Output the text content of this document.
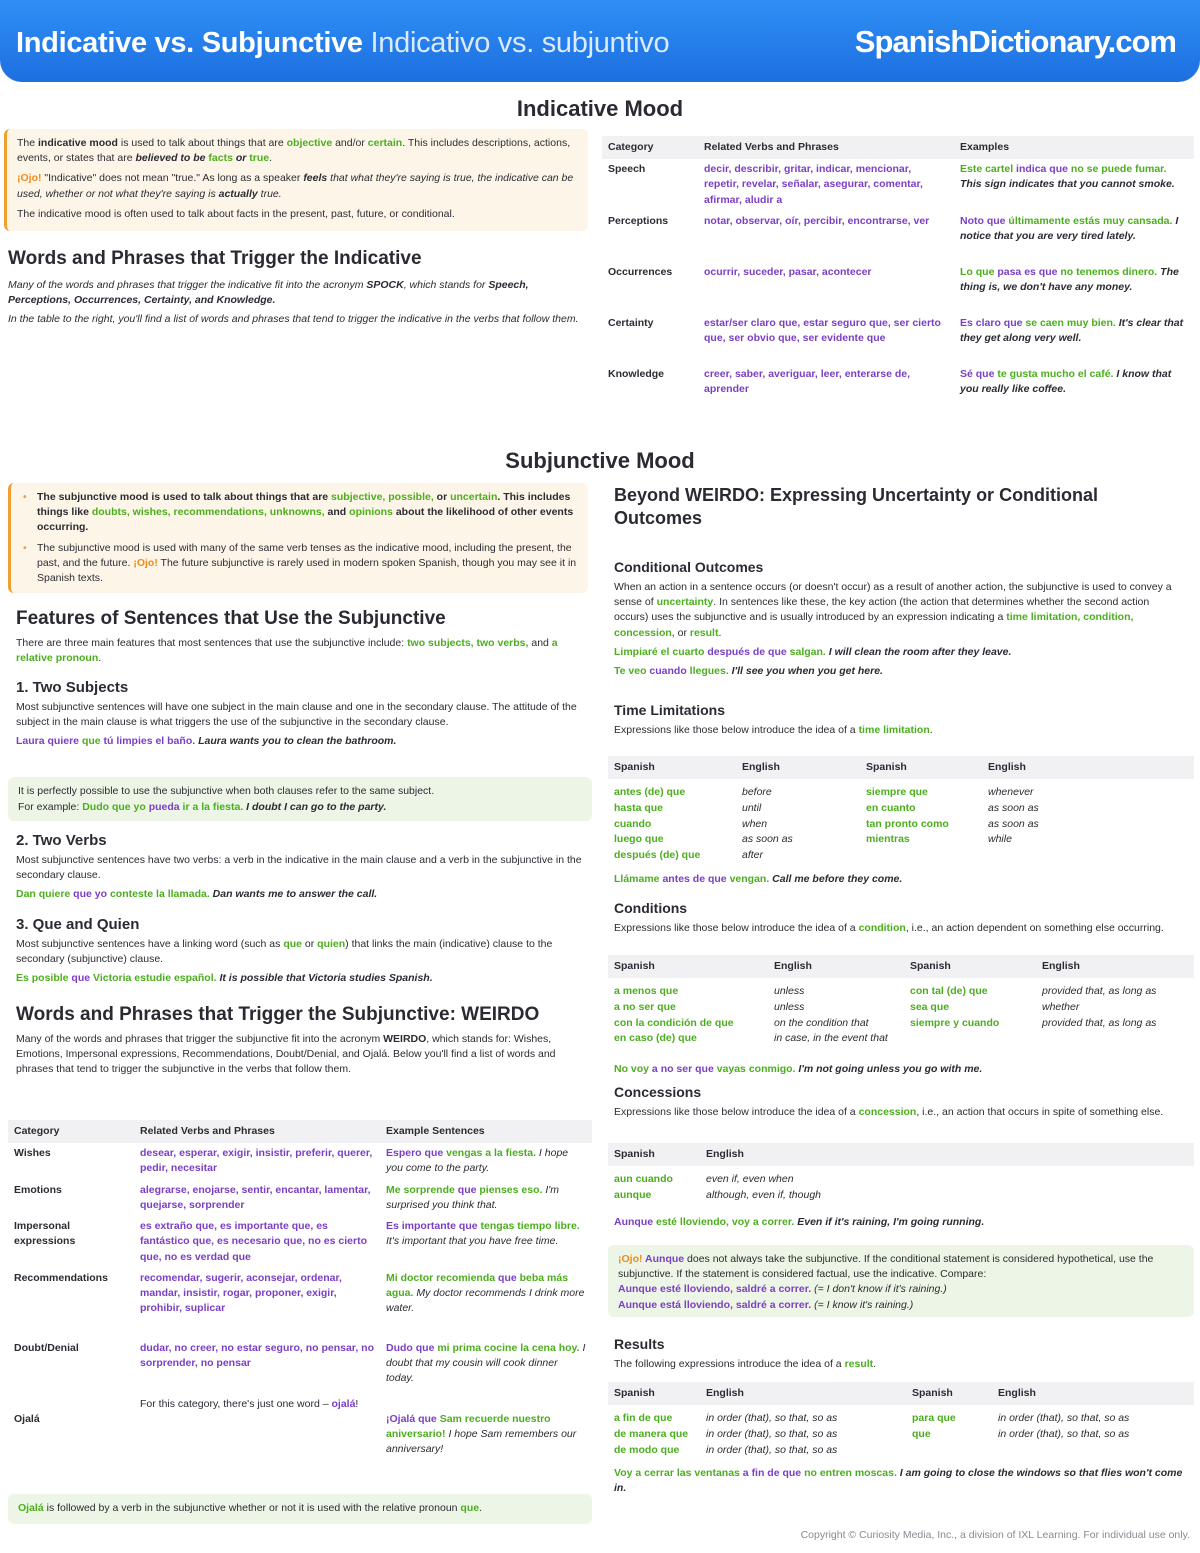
Indicative vs. Subjunctive Indicativo vs. subjuntivo	SpanishDictionary.com
Indicative Mood

The indicative mood is used to talk about things that are objective and/or certain. This includes descriptions, actions, events, or states that are believed to be facts or true.

¡Ojo! "Indicative" does not mean "true." As long as a speaker feels that what they're saying is true, the indicative can be used, whether or not what they're saying is actually true.

The indicative mood is often used to talk about facts in the present, past, future, or conditional.

Words and Phrases that Trigger the Indicative

Many of the words and phrases that trigger the indicative fit into the acronym SPOCK, which stands for Speech, Perceptions, Occurrences, Certainty, and Knowledge.

In the table to the right, you'll find a list of words and phrases that tend to trigger the indicative in the verbs that follow them.

Category	Related Verbs and Phrases	Examples
Speech	decir, describir, gritar, indicar, mencionar, repetir, revelar, señalar, asegurar, comentar, afirmar, aludir a	Este cartel indica que no se puede fumar. This sign indicates that you cannot smoke.
Perceptions	notar, observar, oír, percibir, encontrarse, ver	Noto que últimamente estás muy cansada. I notice that you are very tired lately.
Occurrences	ocurrir, suceder, pasar, acontecer	Lo que pasa es que no tenemos dinero. The thing is, we don't have any money.
Certainty	estar/ser claro que, estar seguro que, ser cierto que, ser obvio que, ser evidente que	Es claro que se caen muy bien. It's clear that they get along very well.
Knowledge	creer, saber, averiguar, leer, enterarse de, aprender	Sé que te gusta mucho el café. I know that you really like coffee.
Subjunctive Mood
• The subjunctive mood is used to talk about things that are subjective, possible, or uncertain. This includes things like doubts, wishes, recommendations, unknowns, and opinions about the likelihood of other events occurring.
• The subjunctive mood is used with many of the same verb tenses as the indicative mood, including the present, the past, and the future. ¡Ojo! The future subjunctive is rarely used in modern spoken Spanish, though you may see it in Spanish texts.
Features of Sentences that Use the Subjunctive

There are three main features that most sentences that use the subjunctive include: two subjects, two verbs, and a relative pronoun.

1. Two Subjects

Most subjunctive sentences will have one subject in the main clause and one in the secondary clause. The attitude of the subject in the main clause is what triggers the use of the subjunctive in the secondary clause.

Laura quiere que tú limpies el baño. Laura wants you to clean the bathroom.

It is perfectly possible to use the subjunctive when both clauses refer to the same subject.

For example: Dudo que yo pueda ir a la fiesta. I doubt I can go to the party.

2. Two Verbs

Most subjunctive sentences have two verbs: a verb in the indicative in the main clause and a verb in the subjunctive in the secondary clause.

Dan quiere que yo conteste la llamada. Dan wants me to answer the call.

3. Que and Quien

Most subjunctive sentences have a linking word (such as que or quien) that links the main (indicative) clause to the secondary (subjunctive) clause.

Es posible que Victoria estudie español. It is possible that Victoria studies Spanish.

Words and Phrases that Trigger the Subjunctive: WEIRDO

Many of the words and phrases that trigger the subjunctive fit into the acronym WEIRDO, which stands for: Wishes, Emotions, Impersonal expressions, Recommendations, Doubt/Denial, and Ojalá. Below you'll find a list of words and phrases that tend to trigger the subjunctive in the verbs that follow them.

Category	Related Verbs and Phrases	Example Sentences
Wishes	desear, esperar, exigir, insistir, preferir, querer, pedir, necesitar	Espero que vengas a la fiesta. I hope you come to the party.
Emotions	alegrarse, enojarse, sentir, encantar, lamentar, quejarse, sorprender	Me sorprende que pienses eso. I'm surprised you think that.
Impersonal expressions	es extraño que, es importante que, es fantástico que, es necesario que, no es cierto que, no es verdad que	Es importante que tengas tiempo libre. It's important that you have free time.
Recommendations	recomendar, sugerir, aconsejar, ordenar, mandar, insistir, rogar, proponer, exigir, prohibir, suplicar	Mi doctor recomienda que beba más agua. My doctor recommends I drink more water.
Doubt/Denial	dudar, no creer, no estar seguro, no pensar, no sorprender, no pensar	Dudo que mi prima cocine la cena hoy. I doubt that my cousin will cook dinner today.
Ojalá	For this category, there's just one word – ojalá!	¡Ojalá que Sam recuerde nuestro aniversario! I hope Sam remembers our anniversary!

Ojalá is followed by a verb in the subjunctive whether or not it is used with the relative pronoun que.

Beyond WEIRDO: Expressing Uncertainty or Conditional Outcomes
Conditional Outcomes

When an action in a sentence occurs (or doesn't occur) as a result of another action, the subjunctive is used to convey a sense of uncertainty. In sentences like these, the key action (the action that determines whether the second action occurs) uses the subjunctive and is usually introduced by an expression indicating a time limitation, condition, concession, or result.

Limpiaré el cuarto después de que salgan. I will clean the room after they leave.

Te veo cuando llegues. I'll see you when you get here.

Time Limitations

Expressions like those below introduce the idea of a time limitation.

Spanish	English	Spanish	English
antes (de) que	before	siempre que	whenever
hasta que	until	en cuanto	as soon as
cuando	when	tan pronto como	as soon as
luego que	as soon as	mientras	while
después (de) que	after		

Llámame antes de que vengan. Call me before they come.

Conditions

Expressions like those below introduce the idea of a condition, i.e., an action dependent on something else occurring.

Spanish	English	Spanish	English
a menos que	unless	con tal (de) que	provided that, as long as
a no ser que	unless	sea que	whether
con la condición de que	on the condition that	siempre y cuando	provided that, as long as
en caso (de) que	in case, in the event that		

No voy a no ser que vayas conmigo. I'm not going unless you go with me.

Concessions

Expressions like those below introduce the idea of a concession, i.e., an action that occurs in spite of something else.

Spanish	English
aun cuando	even if, even when
aunque	although, even if, though

Aunque esté lloviendo, voy a correr. Even if it's raining, I'm going running.

¡Ojo! Aunque does not always take the subjunctive. If the conditional statement is considered hypothetical, use the subjunctive. If the statement is considered factual, use the indicative. Compare:

Aunque esté lloviendo, saldré a correr. (= I don't know if it's raining.)

Aunque está lloviendo, saldré a correr. (= I know it's raining.)

Results

The following expressions introduce the idea of a result.

Spanish	English	Spanish	English
a fin de que	in order (that), so that, so as	para que	in order (that), so that, so as
de manera que	in order (that), so that, so as	que	in order (that), so that, so as
de modo que	in order (that), so that, so as		

Voy a cerrar las ventanas a fin de que no entren moscas. I am going to close the windows so that flies won't come in.

Copyright © Curiosity Media, Inc., a division of IXL Learning. For individual use only.
